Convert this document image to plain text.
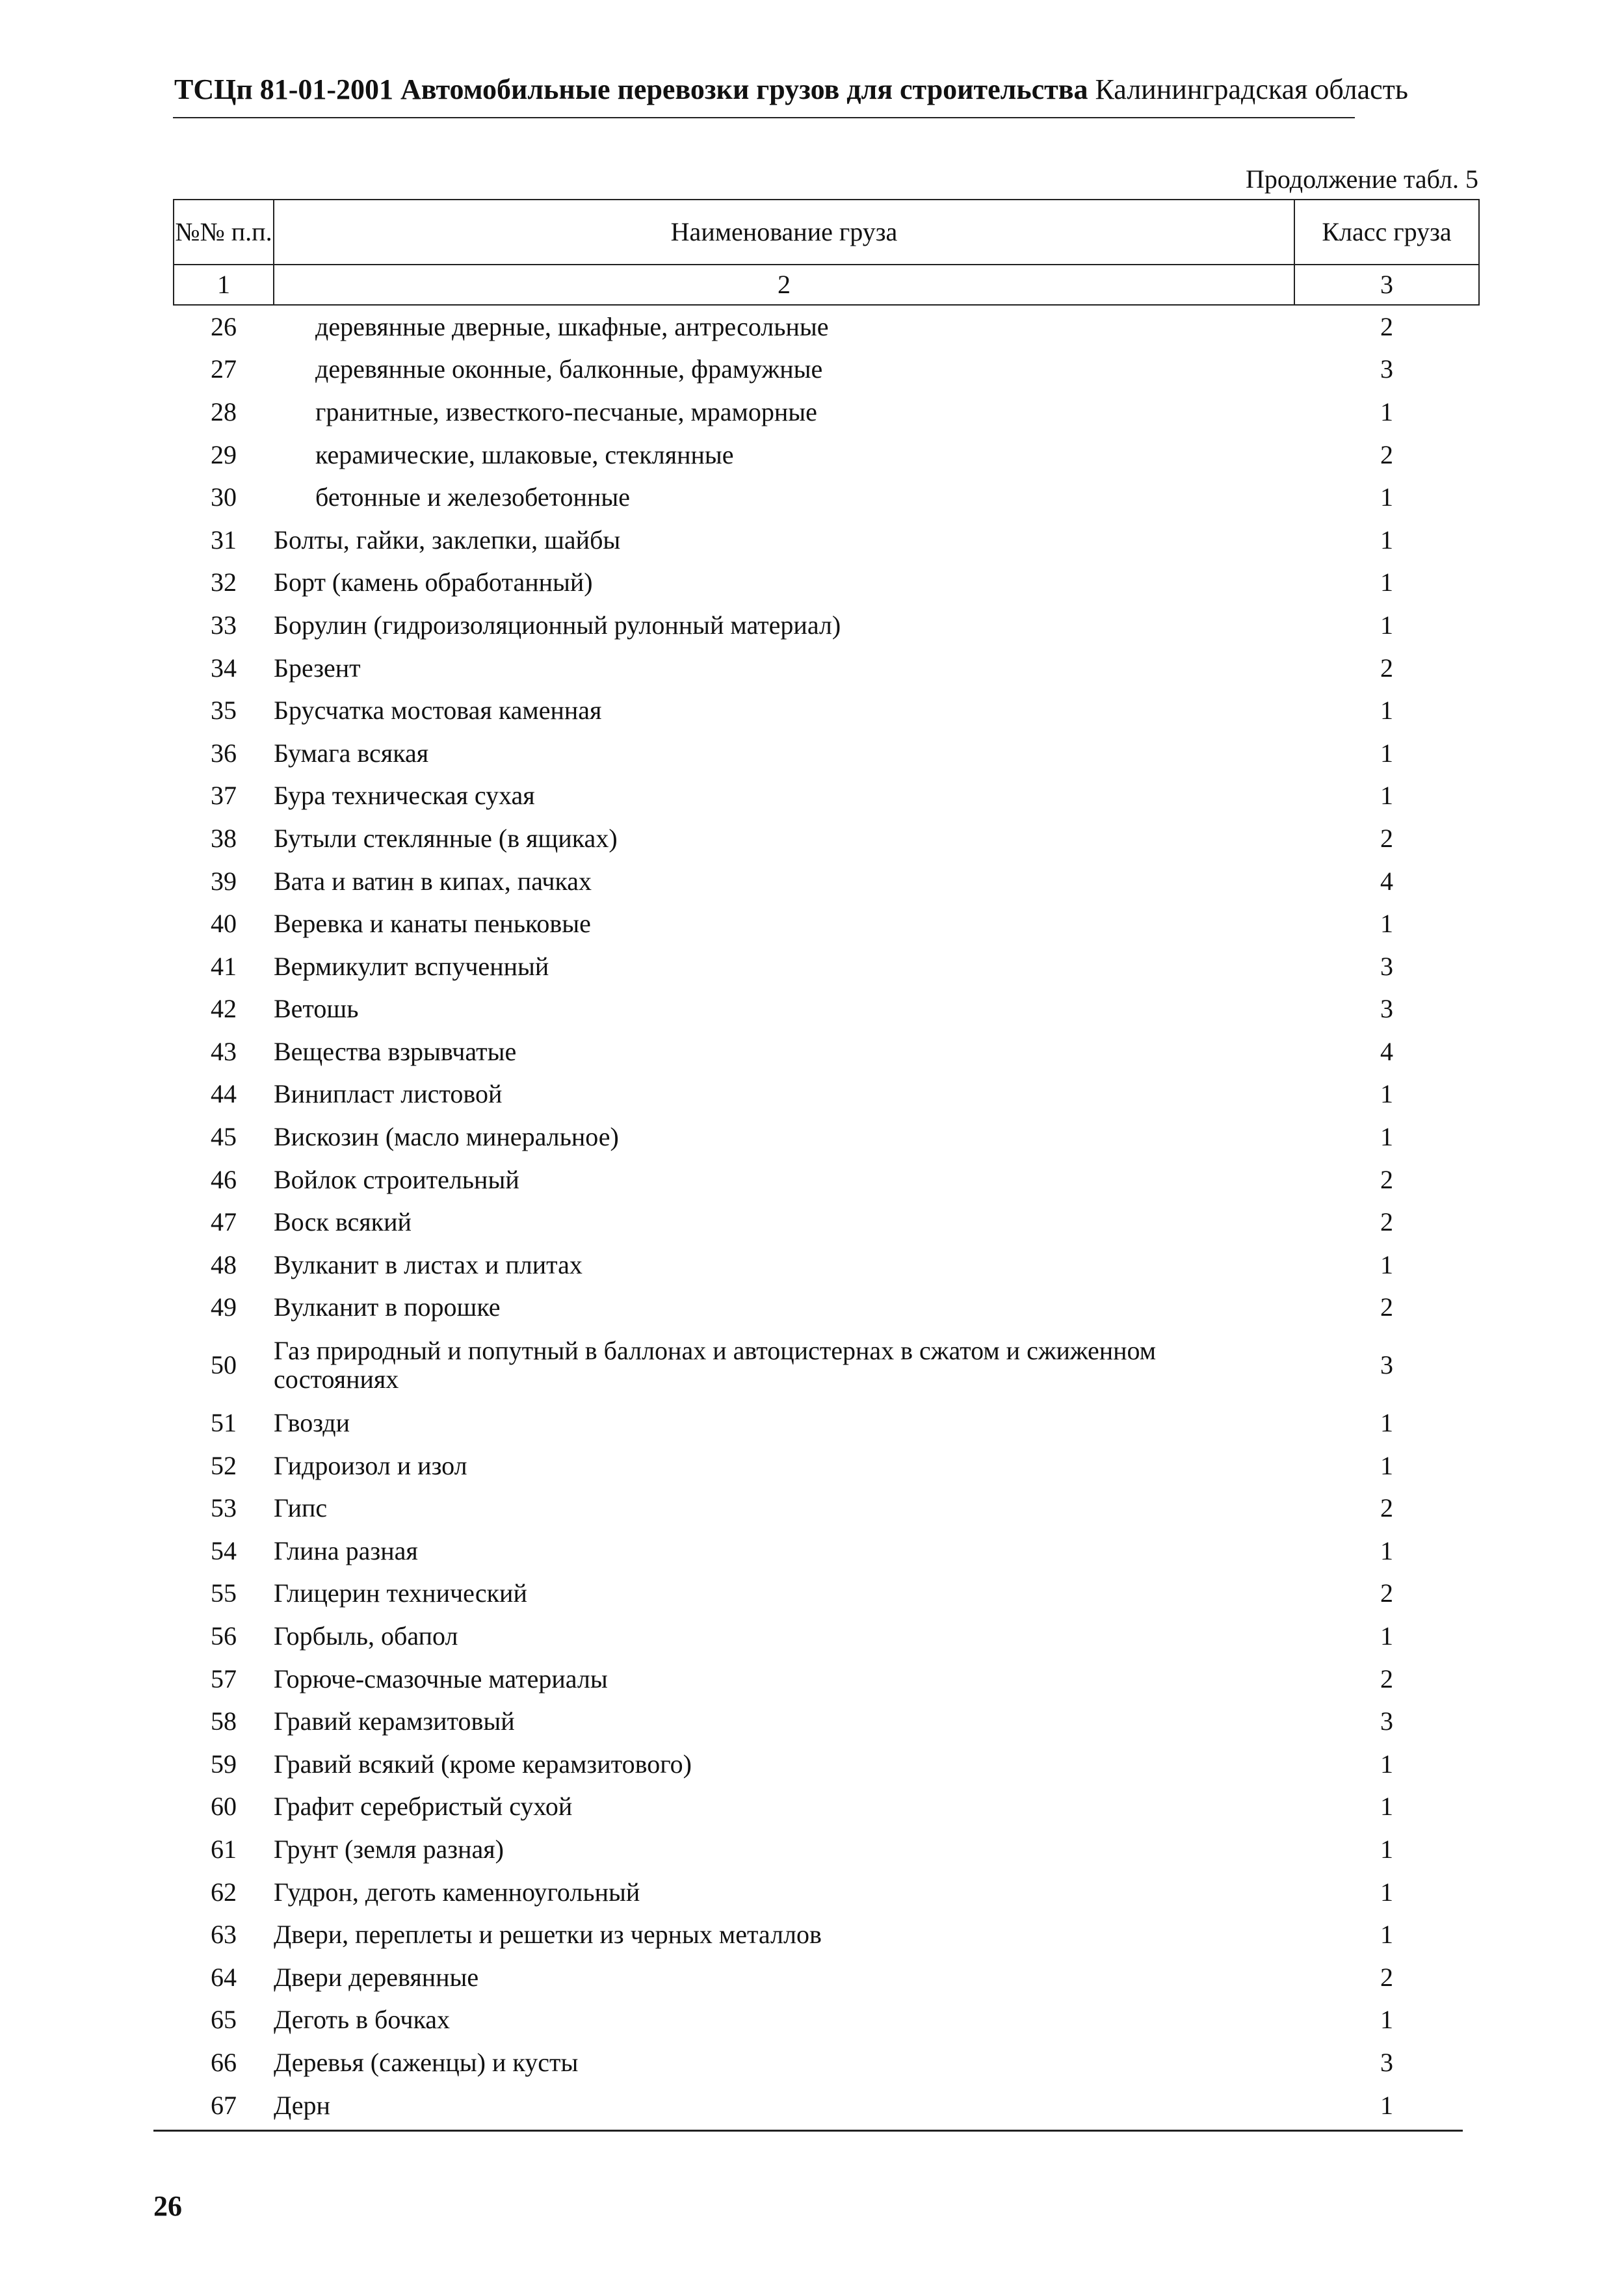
ТСЦп 81-01-2001 Автомобильные перевозки грузов для строительства Калининградская область
Продолжение табл. 5
№№ п.п.	Наименование груза	Класс груза
1	2	3
26	деревянные дверные, шкафные, антресольные	2
27	деревянные оконные, балконные, фрамужные	3
28	гранитные, известкого-песчаные, мраморные	1
29	керамические, шлаковые, стеклянные	2
30	бетонные и железобетонные	1
31	Болты, гайки, заклепки, шайбы	1
32	Борт (камень обработанный)	1
33	Борулин (гидроизоляционный рулонный материал)	1
34	Брезент	2
35	Брусчатка мостовая каменная	1
36	Бумага всякая	1
37	Бура техническая сухая	1
38	Бутыли стеклянные (в ящиках)	2
39	Вата и ватин в кипах, пачках	4
40	Веревка и канаты пеньковые	1
41	Вермикулит вспученный	3
42	Ветошь	3
43	Вещества взрывчатые	4
44	Винипласт листовой	1
45	Вискозин (масло минеральное)	1
46	Войлок строительный	2
47	Воск всякий	2
48	Вулканит в листах и плитах	1
49	Вулканит в порошке	2
50	Газ природный и попутный в баллонах и автоцистернах в сжатом и сжиженном состояниях	3
51	Гвозди	1
52	Гидроизол и изол	1
53	Гипс	2
54	Глина разная	1
55	Глицерин технический	2
56	Горбыль, обапол	1
57	Горюче-смазочные материалы	2
58	Гравий керамзитовый	3
59	Гравий всякий (кроме керамзитового)	1
60	Графит серебристый сухой	1
61	Грунт (земля разная)	1
62	Гудрон, деготь каменноугольный	1
63	Двери, переплеты и решетки из черных металлов	1
64	Двери деревянные	2
65	Деготь в бочках	1
66	Деревья (саженцы) и кусты	3
67	Дерн	1
26
